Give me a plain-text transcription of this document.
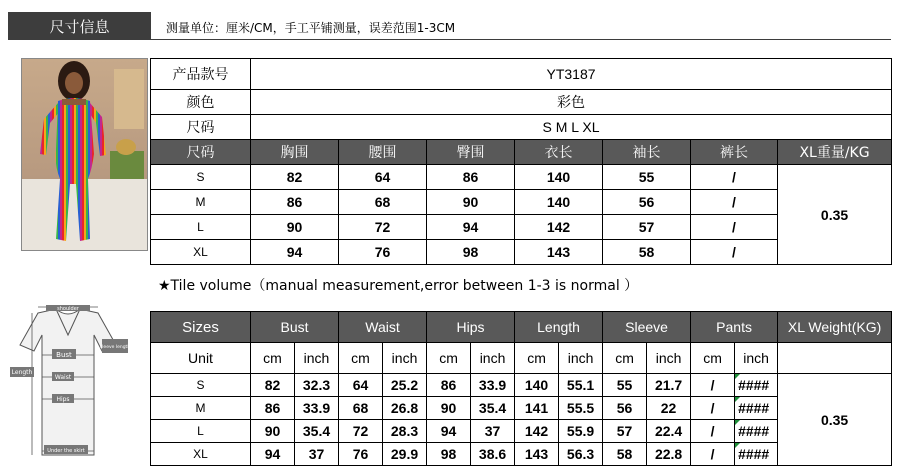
尺寸信息	测量单位：厘米/CM，手工平铺测量，误差范围1-3CM
产品款号	YT3187						
颜色	彩色						
尺码	S M L XL						
尺码	胸围	腰围	臀围	衣长	袖长	裤长	XL重量/KG
S	82	64	86	140	55	/	0.35
M	86	68	90	140	56	/	
L	90	72	94	142	57	/	
XL	94	76	98	143	58	/	
★Tile volume（manual measurement,error between 1-3 is normal ）
shoulder
sleeve length
Bust
Waist
Hips
Length
Under the skirt
Sizes	Bust		Waist		Hips		Length		Sleeve		Pants		XL Weight(KG)
Unit	cm	inch	cm	inch	cm	inch	cm	inch	cm	inch	cm	inch	
S	82	32.3	64	25.2	86	33.9	140	55.1	55	21.7	/	####	0.35
M	86	33.9	68	26.8	90	35.4	141	55.5	56	22	/	####	
L	90	35.4	72	28.3	94	37	142	55.9	57	22.4	/	####	
XL	94	37	76	29.9	98	38.6	143	56.3	58	22.8	/	####	
